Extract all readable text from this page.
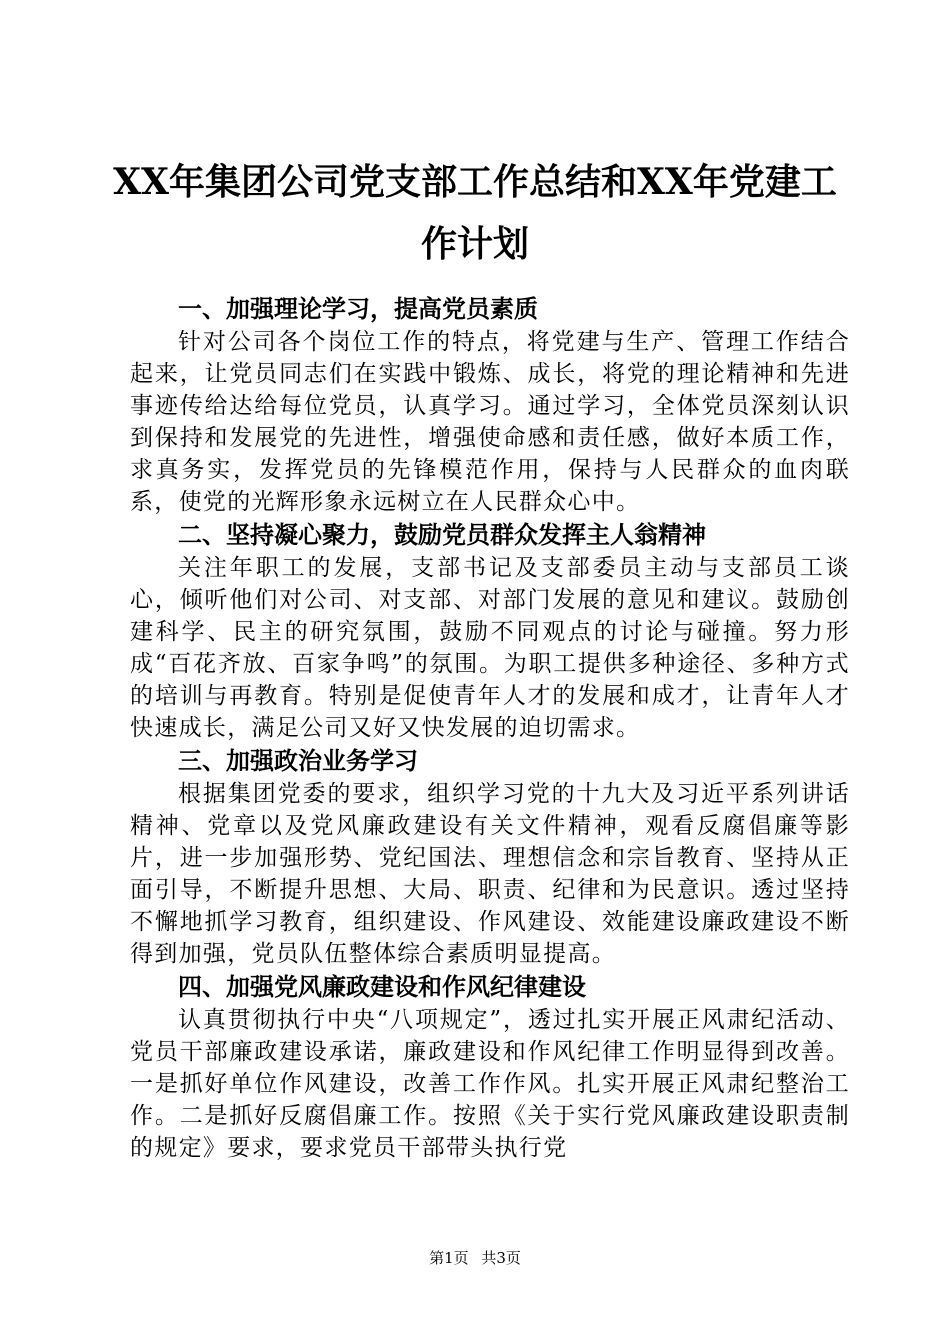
XX年集团公司党支部工作总结和XX年党建工
作计划
一、加强理论学习，提高党员素质

针对公司各个岗位工作的特点，将党建与生产、管理工作结合起来，让党员同志们在实践中锻炼、成长，将党的理论精神和先进事迹传给达给每位党员，认真学习。通过学习，全体党员深刻认识到保持和发展党的先进性，增强使命感和责任感，做好本质工作，求真务实，发挥党员的先锋模范作用，保持与人民群众的血肉联系，使党的光辉形象永远树立在人民群众心中。

二、坚持凝心聚力，鼓励党员群众发挥主人翁精神

关注年职工的发展，支部书记及支部委员主动与支部员工谈心，倾听他们对公司、对支部、对部门发展的意见和建议。鼓励创建科学、民主的研究氛围，鼓励不同观点的讨论与碰撞。努力形成“百花齐放、百家争鸣”的氛围。为职工提供多种途径、多种方式的培训与再教育。特别是促使青年人才的发展和成才，让青年人才快速成长，满足公司又好又快发展的迫切需求。

三、加强政治业务学习

根据集团党委的要求，组织学习党的十九大及习近平系列讲话精神、党章以及党风廉政建设有关文件精神，观看反腐倡廉等影片，进一步加强形势、党纪国法、理想信念和宗旨教育、坚持从正面引导，不断提升思想、大局、职责、纪律和为民意识。透过坚持不懈地抓学习教育，组织建设、作风建设、效能建设廉政建设不断得到加强，党员队伍整体综合素质明显提高。

四、加强党风廉政建设和作风纪律建设

认真贯彻执行中央“八项规定”，透过扎实开展正风肃纪活动、党员干部廉政建设承诺，廉政建设和作风纪律工作明显得到改善。一是抓好单位作风建设，改善工作作风。扎实开展正风肃纪整治工作。二是抓好反腐倡廉工作。按照《关于实行党风廉政建设职责制的规定》要求，要求党员干部带头执行党

第1页 共3页
